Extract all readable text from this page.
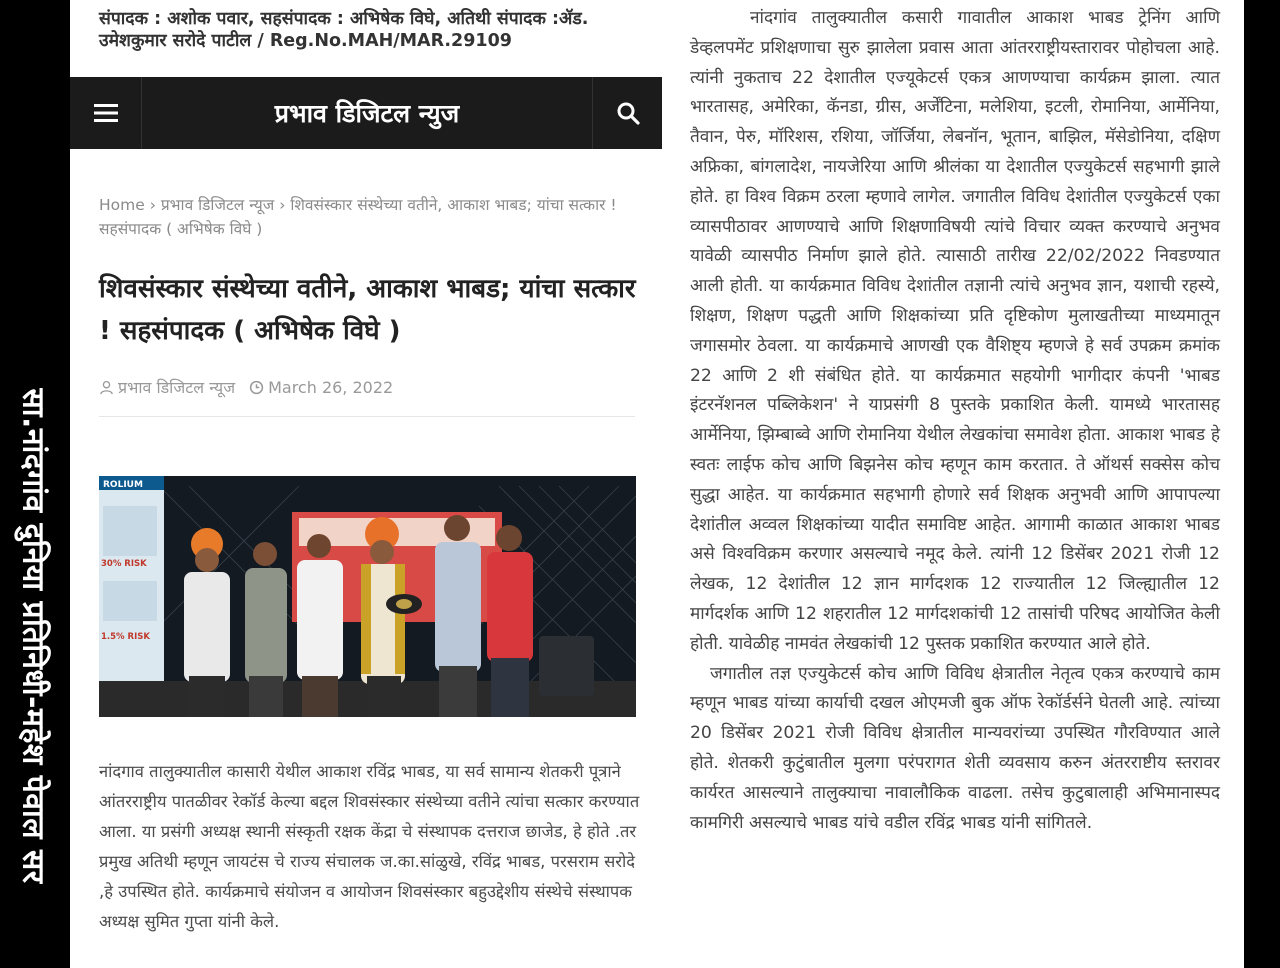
सा.नांदगांव दुनिया प्रतिनिधी-महेश पेवाल सर
संपादक : अशोक पवार, सहसंपादक : अभिषेक विघे, अतिथी संपादक :ॲड. उमेशकुमार सरोदे पाटील / Reg.No.MAH/MAR.29109
प्रभाव डिजिटल न्युज
Home › प्रभाव डिजिटल न्यूज › शिवसंस्कार संस्थेच्या वतीने, आकाश भाबड; यांचा सत्कार ! सहसंपादक ( अभिषेक विघे )
शिवसंस्कार संस्थेच्या वतीने, आकाश भाबड; यांचा सत्कार ! सहसंपादक ( अभिषेक विघे )
प्रभाव डिजिटल न्यूज March 26, 2022
ROLIUM
30% RISK
1.5% RISK
नांदगाव तालुक्यातील कासारी येथील आकाश रविंद्र भाबड, या सर्व सामान्य शेतकरी पूत्राने आंतरराष्ट्रीय पातळीवर रेकॉर्ड केल्या बद्दल शिवसंस्कार संस्थेच्या वतीने त्यांचा सत्कार करण्यात आला. या प्रसंगी अध्यक्ष स्थानी संस्कृती रक्षक केंद्रा चे संस्थापक दत्तराज छाजेड, हे होते .तर प्रमुख अतिथी म्हणून जायटंस चे राज्य संचालक ज.का.सांळुखे, रविंद्र भाबड, परसराम सरोदे ,हे उपस्थित होते. कार्यक्रमाचे संयोजन व आयोजन शिवसंस्कार बहुउद्देशीय संस्थेचे संस्थापक अध्यक्ष सुमित गुप्ता यांनी केले.

नांदगांव तालुक्यातील कसारी गावातील आकाश भाबड ट्रेनिंग आणि डेव्हलपमेंट प्रशिक्षणाचा सुरु झालेला प्रवास आता आंतरराष्ट्रीयस्तारावर पोहोचला आहे. त्यांनी नुकताच 22 देशातील एज्यूकेटर्स एकत्र आणण्याचा कार्यक्रम झाला. त्यात भारतासह, अमेरिका, कॅनडा, ग्रीस, अर्जेंटिना, मलेशिया, इटली, रोमानिया, आर्मेनिया, तैवान, पेरु, मॉरिशस, रशिया, जॉर्जिया, लेबनॉन, भूतान, बाझिल, मॅसेडोनिया, दक्षिण अफ्रिका, बांगलादेश, नायजेरिया आणि श्रीलंका या देशातील एज्युकेटर्स सहभागी झाले होते. हा विश्व विक्रम ठरला म्हणावे लागेल. जगातील विविध देशांतील एज्युकेटर्स एका व्यासपीठावर आणण्याचे आणि शिक्षणाविषयी त्यांचे विचार व्यक्त करण्याचे अनुभव यावेळी व्यासपीठ निर्माण झाले होते. त्यासाठी तारीख 22/02/2022 निवडण्यात आली होती. या कार्यक्रमात विविध देशांतील तज्ञानी त्यांचे अनुभव ज्ञान, यशाची रहस्ये, शिक्षण, शिक्षण पद्धती आणि शिक्षकांच्या प्रति दृष्टिकोण मुलाखतीच्या माध्यमातून जगासमोर ठेवला. या कार्यक्रमाचे आणखी एक वैशिष्ट्य म्हणजे हे सर्व उपक्रम क्रमांक 22 आणि 2 शी संबंधित होते. या कार्यक्रमात सहयोगी भागीदार कंपनी 'भाबड इंटरनॅशनल पब्लिकेशन' ने याप्रसंगी 8 पुस्तके प्रकाशित केली. यामध्ये भारतासह आर्मेनिया, झिम्बाब्वे आणि रोमानिया येथील लेखकांचा समावेश होता. आकाश भाबड हे स्वतः लाईफ कोच आणि बिझनेस कोच म्हणून काम करतात. ते ऑथर्स सक्सेस कोच सुद्धा आहेत. या कार्यक्रमात सहभागी होणारे सर्व शिक्षक अनुभवी आणि आपापल्या देशांतील अव्वल शिक्षकांच्या यादीत समाविष्ट आहेत. आगामी काळात आकाश भाबड असे विश्वविक्रम करणार असल्याचे नमूद केले. त्यांनी 12 डिसेंबर 2021 रोजी 12 लेखक, 12 देशांतील 12 ज्ञान मार्गदशक 12 राज्यातील 12 जिल्ह्यातील 12 मार्गदर्शक आणि 12 शहरातील 12 मार्गदशकांची 12 तासांची परिषद आयोजित केली होती. यावेळीह नामवंत लेखकांची 12 पुस्तक प्रकाशित करण्यात आले होते.

जगातील तज्ञ एज्युकेटर्स कोच आणि विविध क्षेत्रातील नेतृत्व एकत्र करण्याचे काम म्हणून भाबड यांच्या कार्याची दखल ओएमजी बुक ऑफ रेकॉर्डर्सने घेतली आहे. त्यांच्या 20 डिसेंबर 2021 रोजी विविध क्षेत्रातील मान्यवरांच्या उपस्थित गौरविण्यात आले होते. शेतकरी कुटुंबातील मुलगा परंपरागत शेती व्यवसाय करुन अंतरराष्टीय स्तरावर कार्यरत आसल्याने तालुक्याचा नावालौकिक वाढला. तसेच कुटुबालाही अभिमानास्पद कामगिरी असल्याचे भाबड यांचे वडील रविंद्र भाबड यांनी सांगितले.
